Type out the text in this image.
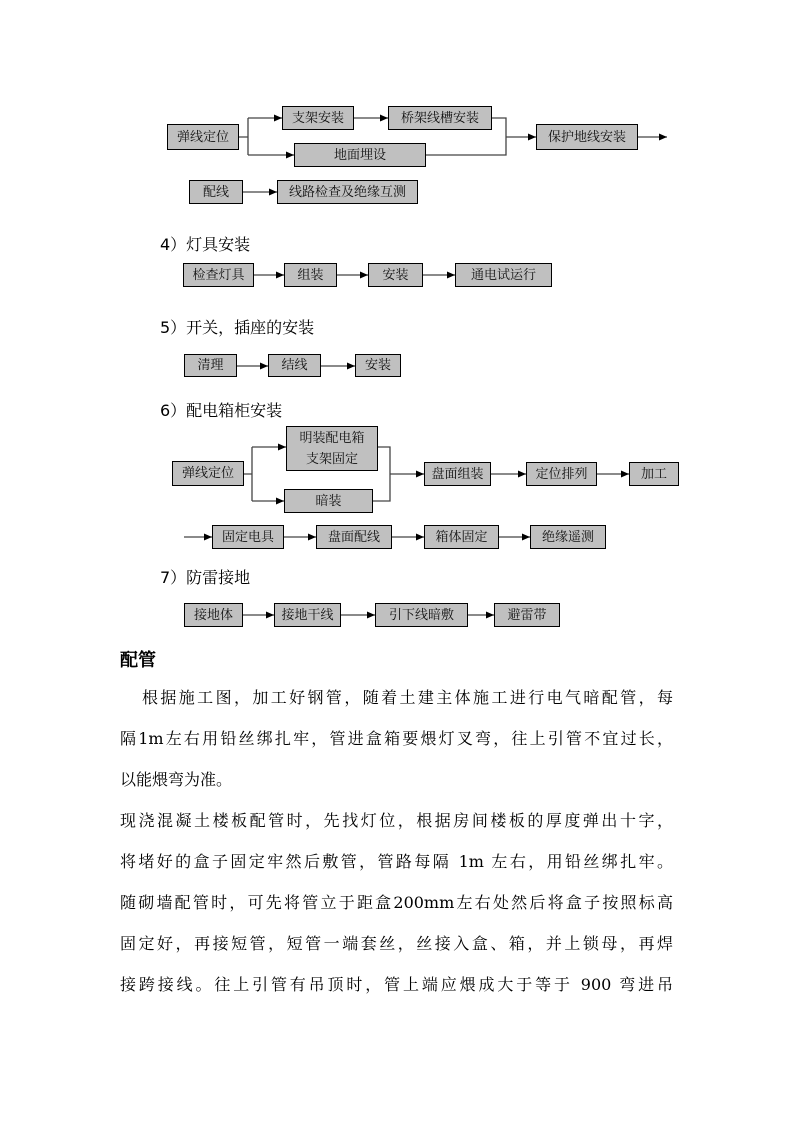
弹线定位
支架安装	桥架线槽安装
地面埋设
保护地线安装
配线	线路检查及绝缘互测
4）灯具安装
检查灯具	组装	安装	通电试运行
5）开关，插座的安装
清理	结线	安装
6）配电箱柜安装
弹线定位
明装配电箱
支架固定
暗装
盘面组装	定位排列	加工
固定电具	盘面配线	箱体固定	绝缘遥测
7）防雷接地
接地体	接地干线	引下线暗敷	避雷带
配管
根据施工图，加工好钢管，随着土建主体施工进行电气暗配管，每
隔1m左右用铅丝绑扎牢，管进盒箱要煨灯叉弯，往上引管不宜过长，
以能煨弯为准。
现浇混凝土楼板配管时，先找灯位，根据房间楼板的厚度弹出十字，
将堵好的盒子固定牢然后敷管，管路每隔 1m 左右，用铅丝绑扎牢。
随砌墙配管时，可先将管立于距盒200mm左右处然后将盒子按照标高
固定好，再接短管，短管一端套丝，丝接入盒、箱，并上锁母，再焊
接跨接线。往上引管有吊顶时，管上端应煨成大于等于 900 弯进吊
